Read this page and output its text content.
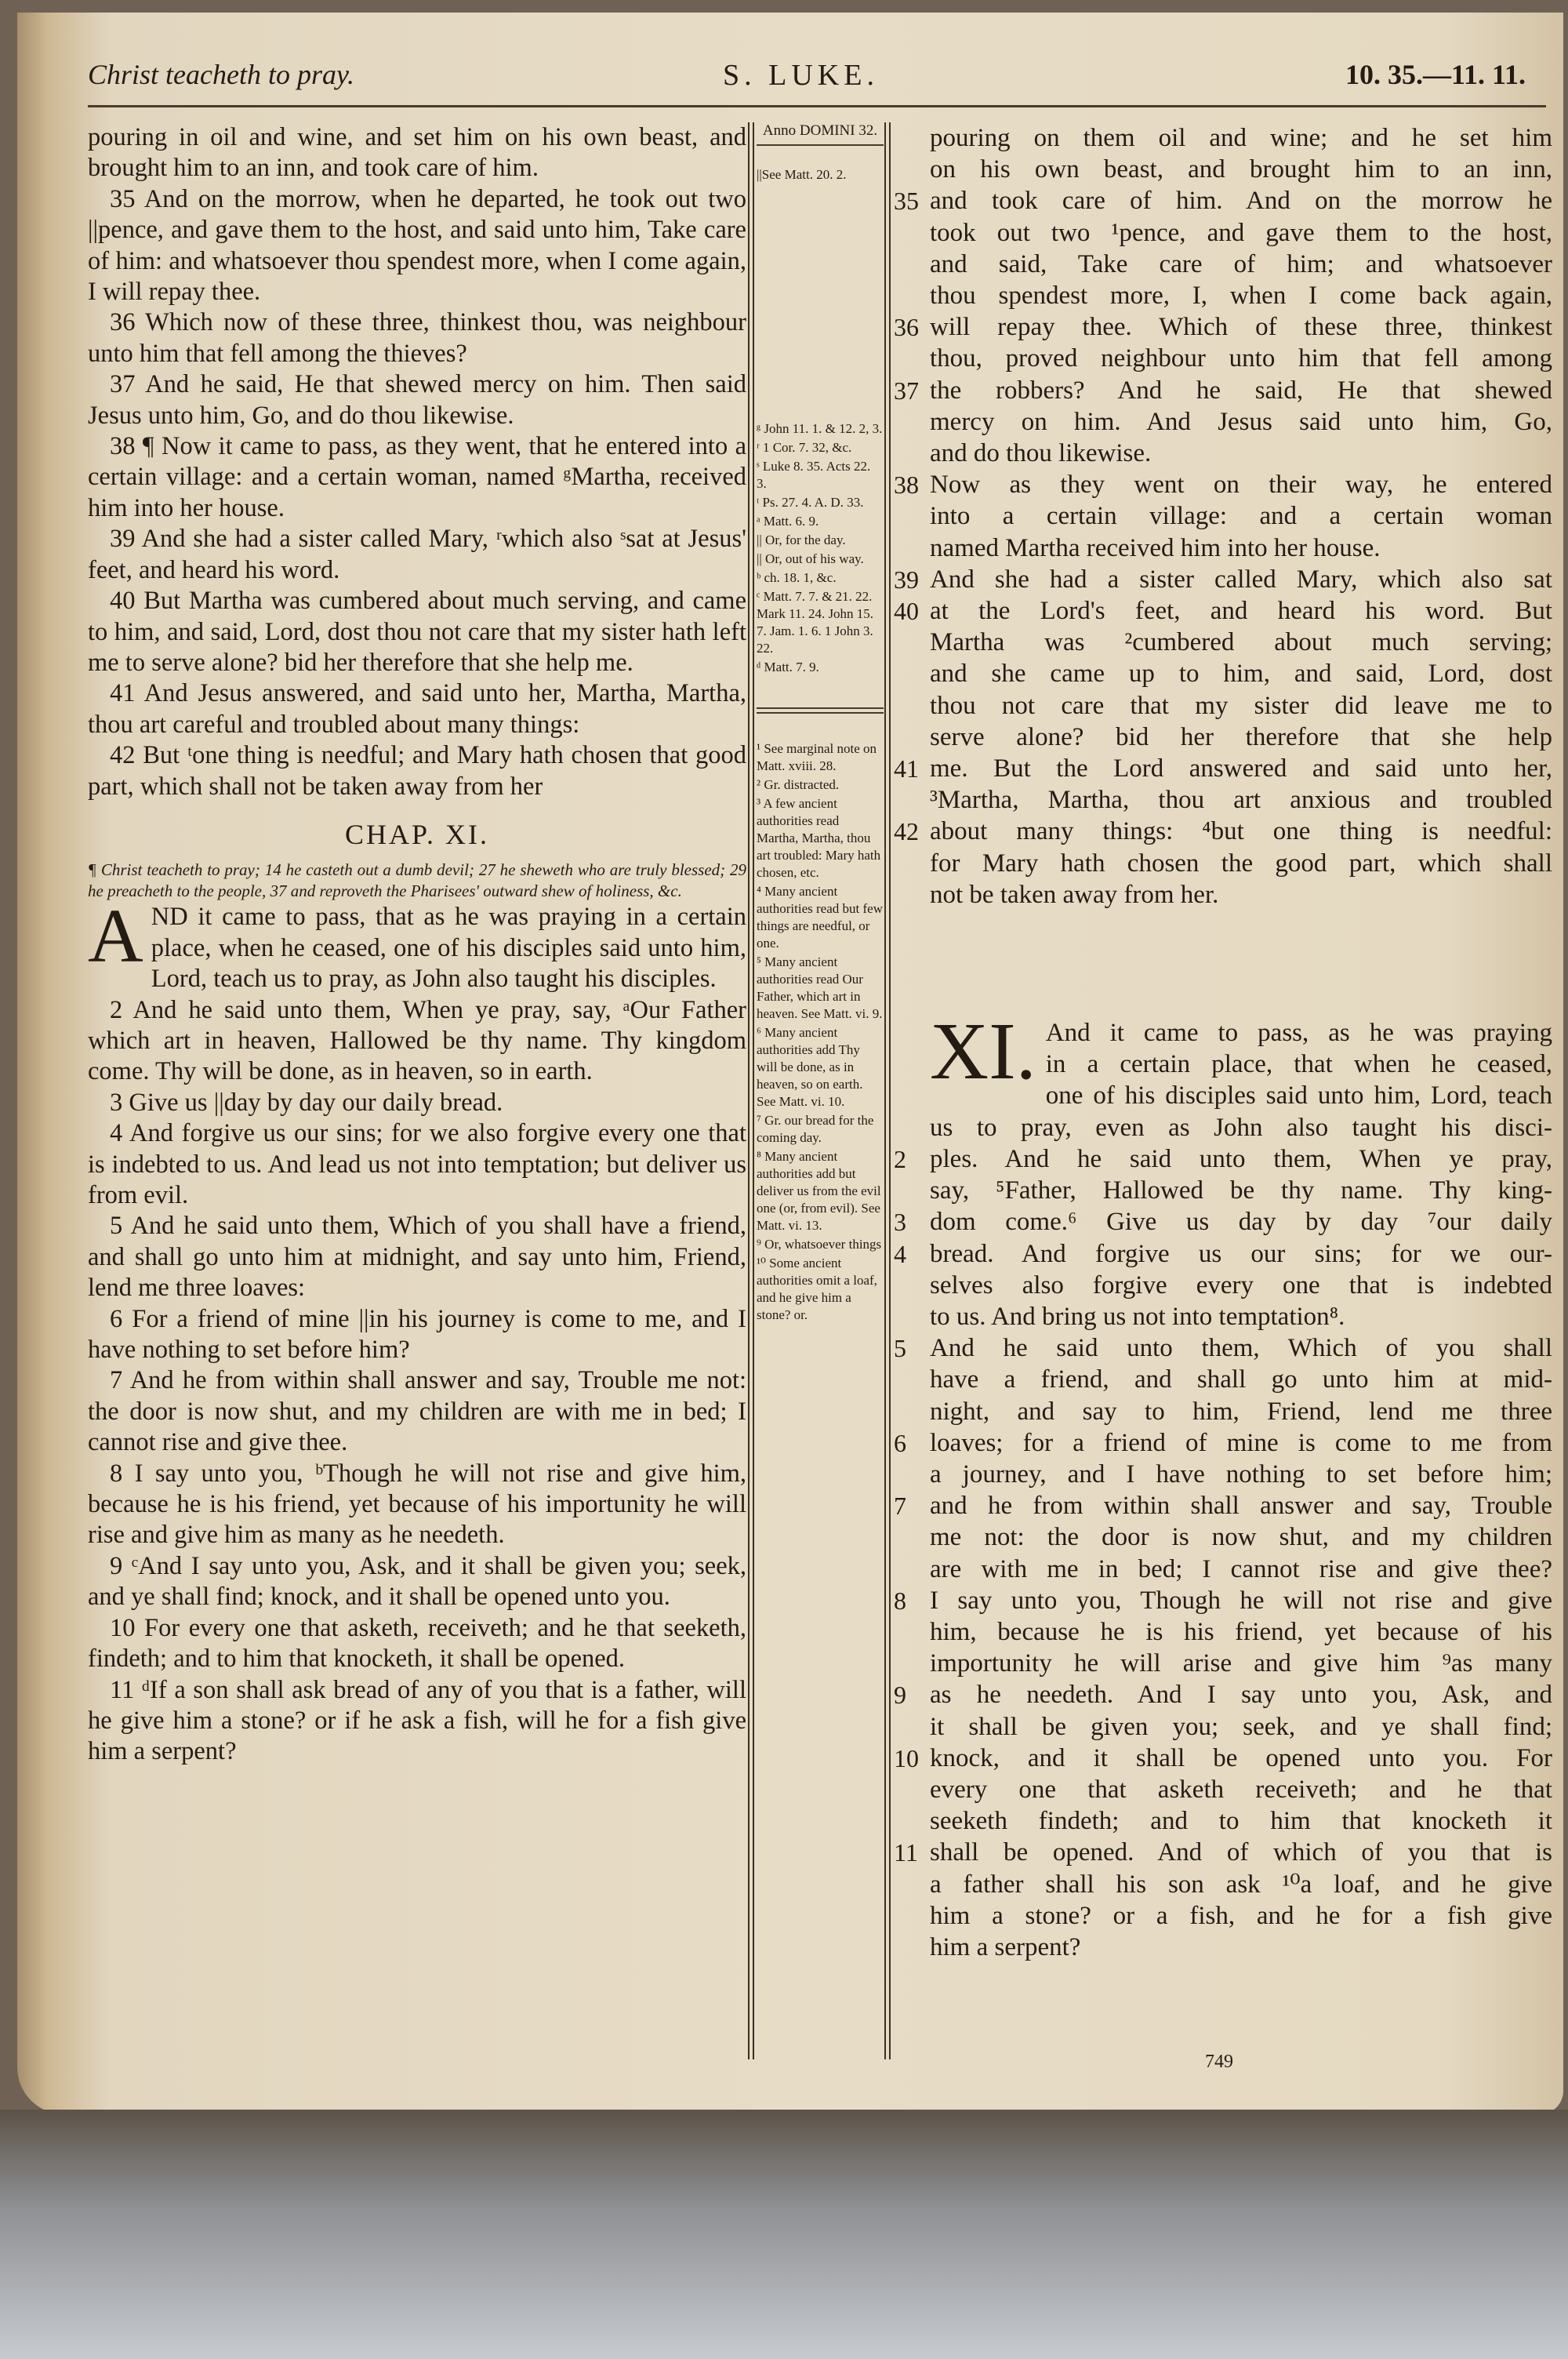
Christ teacheth to pray.	S. LUKE.	10. 35.—11. 11.

pouring in oil and wine, and set him on his own beast, and brought him to an inn, and took care of him.

35 And on the morrow, when he departed, he took out two ||pence, and gave them to the host, and said unto him, Take care of him: and whatsoever thou spendest more, when I come again, I will repay thee.

36 Which now of these three, thinkest thou, was neighbour unto him that fell among the thieves?

37 And he said, He that shewed mercy on him. Then said Jesus unto him, Go, and do thou likewise.

38 ¶ Now it came to pass, as they went, that he entered into a certain village: and a certain woman, named ᵍMartha, received him into her house.

39 And she had a sister called Mary, ʳwhich also ˢsat at Jesus' feet, and heard his word.

40 But Martha was cumbered about much serving, and came to him, and said, Lord, dost thou not care that my sister hath left me to serve alone? bid her therefore that she help me.

41 And Jesus answered, and said unto her, Martha, Martha, thou art careful and troubled about many things:

42 But ᵗone thing is needful; and Mary hath chosen that good part, which shall not be taken away from her

CHAP. XI.

¶ Christ teacheth to pray; 14 he casteth out a dumb devil; 27 he sheweth who are truly blessed; 29 he preacheth to the people, 37 and reproveth the Pharisees' outward shew of holiness, &c.

AND it came to pass, that as he was praying in a certain place, when he ceased, one of his disciples said unto him, Lord, teach us to pray, as John also taught his disciples.

2 And he said unto them, When ye pray, say, ᵃOur Father which art in heaven, Hallowed be thy name. Thy kingdom come. Thy will be done, as in heaven, so in earth.

3 Give us ||day by day our daily bread.

4 And forgive us our sins; for we also forgive every one that is indebted to us. And lead us not into temptation; but deliver us from evil.

5 And he said unto them, Which of you shall have a friend, and shall go unto him at midnight, and say unto him, Friend, lend me three loaves:

6 For a friend of mine ||in his journey is come to me, and I have nothing to set before him?

7 And he from within shall answer and say, Trouble me not: the door is now shut, and my children are with me in bed; I cannot rise and give thee.

8 I say unto you, ᵇThough he will not rise and give him, because he is his friend, yet because of his importunity he will rise and give him as many as he needeth.

9 ᶜAnd I say unto you, Ask, and it shall be given you; seek, and ye shall find; knock, and it shall be opened unto you.

10 For every one that asketh, receiveth; and he that seeketh, findeth; and to him that knocketh, it shall be opened.

11 ᵈIf a son shall ask bread of any of you that is a father, will he give him a stone? or if he ask a fish, will he for a fish give him a serpent?

Anno DOMINI 32.
||See Matt. 20. 2.
ᵍ John 11. 1. & 12. 2, 3.
ʳ 1 Cor. 7. 32, &c.
ˢ Luke 8. 35. Acts 22. 3.
ᵗ Ps. 27. 4. A. D. 33.
ᵃ Matt. 6. 9.
|| Or, for the day.
|| Or, out of his way.
ᵇ ch. 18. 1, &c.
ᶜ Matt. 7. 7. & 21. 22. Mark 11. 24. John 15. 7. Jam. 1. 6. 1 John 3. 22.
ᵈ Matt. 7. 9.
¹ See marginal note on Matt. xviii. 28.
² Gr. distracted.
³ A few ancient authorities read Martha, Martha, thou art troubled: Mary hath chosen, etc.
⁴ Many ancient authorities read but few things are needful, or one.
⁵ Many ancient authorities read Our Father, which art in heaven. See Matt. vi. 9.
⁶ Many ancient authorities add Thy will be done, as in heaven, so on earth. See Matt. vi. 10.
⁷ Gr. our bread for the coming day.
⁸ Many ancient authorities add but deliver us from the evil one (or, from evil). See Matt. vi. 13.
⁹ Or, whatsoever things
¹⁰ Some ancient authorities omit a loaf, and he give him a stone? or.
pouring on them oil and wine; and he set him
on his own beast, and brought him to an inn,
35 and took care of him. And on the morrow he
took out two ¹pence, and gave them to the host,
and said, Take care of him; and whatsoever
thou spendest more, I, when I come back again,
36 will repay thee. Which of these three, thinkest
thou, proved neighbour unto him that fell among
37 the robbers? And he said, He that shewed
mercy on him. And Jesus said unto him, Go,
and do thou likewise.
38 Now as they went on their way, he entered
into a certain village: and a certain woman
named Martha received him into her house.
39 And she had a sister called Mary, which also sat
40 at the Lord's feet, and heard his word. But
Martha was ²cumbered about much serving;
and she came up to him, and said, Lord, dost
thou not care that my sister did leave me to
serve alone? bid her therefore that she help
41 me. But the Lord answered and said unto her,
³Martha, Martha, thou art anxious and troubled
42 about many things: ⁴but one thing is needful:
for Mary hath chosen the good part, which shall
not be taken away from her.
XI. And it came to pass, as he was praying
in a certain place, that when he ceased,
one of his disciples said unto him, Lord, teach
us to pray, even as John also taught his disci-
2 ples. And he said unto them, When ye pray,
say, ⁵Father, Hallowed be thy name. Thy king-
3 dom come.⁶ Give us day by day ⁷our daily
4 bread. And forgive us our sins; for we our-
selves also forgive every one that is indebted
to us. And bring us not into temptation⁸.
5 And he said unto them, Which of you shall
have a friend, and shall go unto him at mid-
night, and say to him, Friend, lend me three
6 loaves; for a friend of mine is come to me from
a journey, and I have nothing to set before him;
7 and he from within shall answer and say, Trouble
me not: the door is now shut, and my children
are with me in bed; I cannot rise and give thee?
8 I say unto you, Though he will not rise and give
him, because he is his friend, yet because of his
importunity he will arise and give him ⁹as many
9 as he needeth. And I say unto you, Ask, and
it shall be given you; seek, and ye shall find;
10 knock, and it shall be opened unto you. For
every one that asketh receiveth; and he that
seeketh findeth; and to him that knocketh it
11 shall be opened. And of which of you that is
a father shall his son ask ¹⁰a loaf, and he give
him a stone? or a fish, and he for a fish give
him a serpent?
749
